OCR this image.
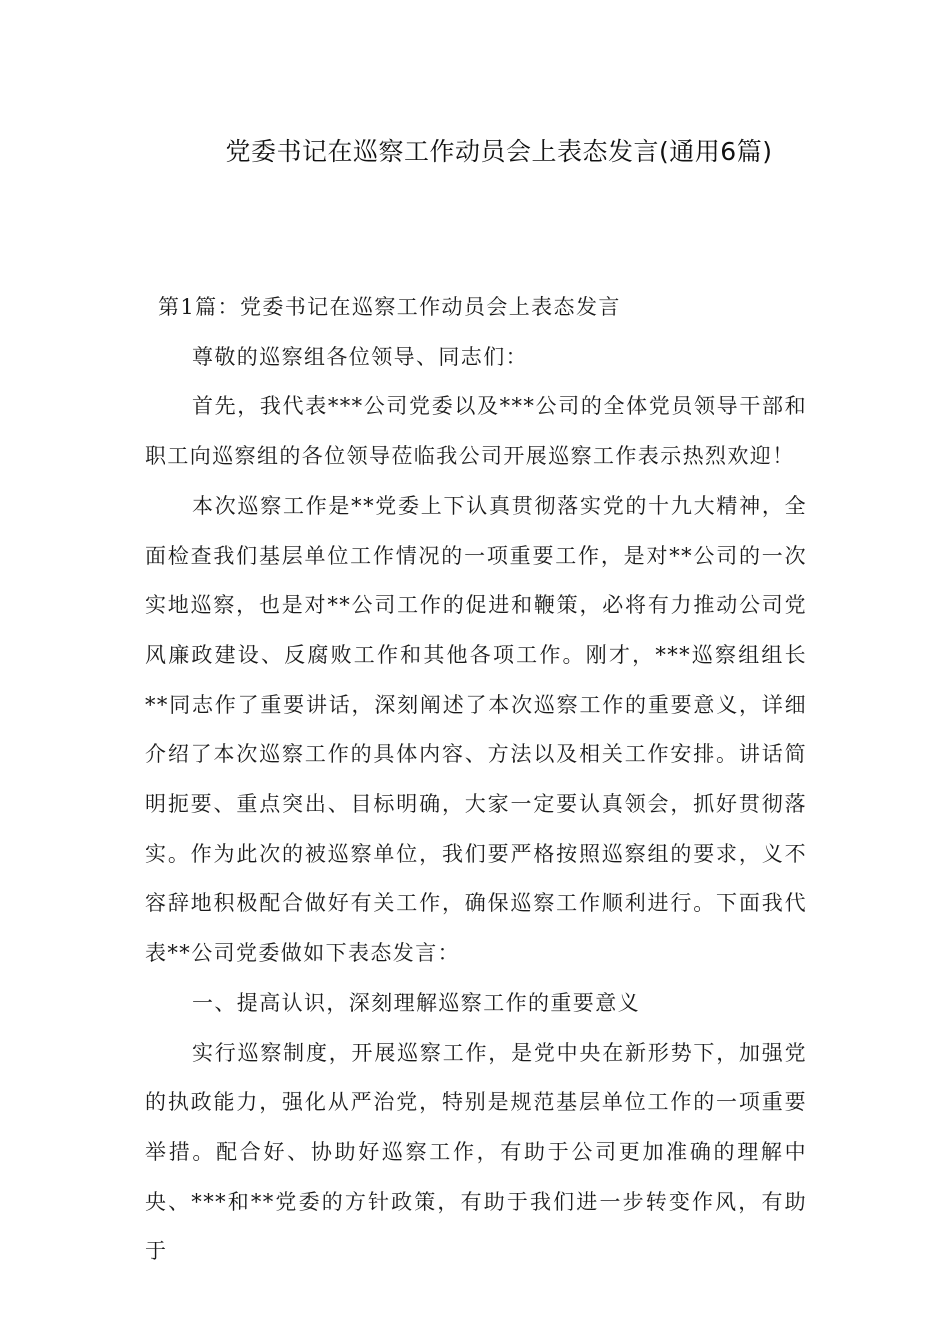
党委书记在巡察工作动员会上表态发言(通用6篇)

第1篇：党委书记在巡察工作动员会上表态发言

尊敬的巡察组各位领导、同志们：

首先，我代表***公司党委以及***公司的全体党员领导干部和职工向巡察组的各位领导莅临我公司开展巡察工作表示热烈欢迎！

本次巡察工作是**党委上下认真贯彻落实党的十九大精神，全面检查我们基层单位工作情况的一项重要工作，是对**公司的一次实地巡察，也是对**公司工作的促进和鞭策，必将有力推动公司党风廉政建设、反腐败工作和其他各项工作。刚才，***巡察组组长**同志作了重要讲话，深刻阐述了本次巡察工作的重要意义，详细介绍了本次巡察工作的具体内容、方法以及相关工作安排。讲话简明扼要、重点突出、目标明确，大家一定要认真领会，抓好贯彻落实。作为此次的被巡察单位，我们要严格按照巡察组的要求，义不容辞地积极配合做好有关工作，确保巡察工作顺利进行。下面我代表**公司党委做如下表态发言：

一、提高认识，深刻理解巡察工作的重要意义

实行巡察制度，开展巡察工作，是党中央在新形势下，加强党的执政能力，强化从严治党，特别是规范基层单位工作的一项重要举措。配合好、协助好巡察工作，有助于公司更加准确的理解中央、***和**党委的方针政策，有助于我们进一步转变作风，有助于
